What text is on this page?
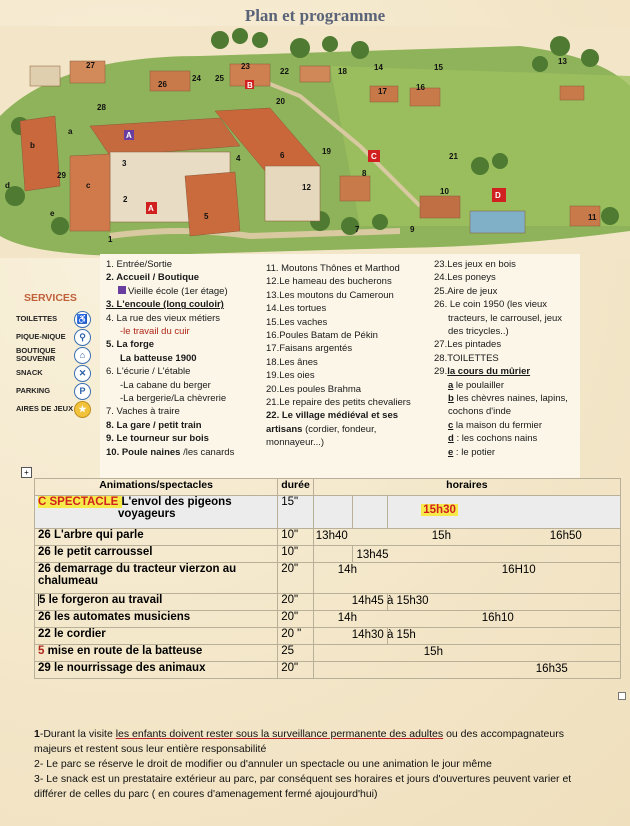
Plan et programme
1
2
3
4
5
6
7
8
9
10
11
12
13
14	15
16
17
18
19
20
21
22
23
24 25
26
27
28
29
a
b
c
d
e
A
B
C
D
A
SERVICES
TOILETTES	♿
PIQUE-NIQUE	⚲
BOUTIQUE SOUVENIR	⌂
SNACK	✕
PARKING	P
AIRES DE JEUX ★
1. Entrée/Sortie
2. Accueil / Boutique
Vieille école (1er étage)
3. L'encoule (long couloir)
4. La rue des vieux métiers
-le travail du cuir
5. La forge
La batteuse 1900
6. L'écurie / L'étable
-La cabane du berger
-La bergerie/La chèvrerie
7. Vaches à traire
8. La gare / petit train
9. Le tourneur sur bois
10. Poule naines /les canards
11. Moutons Thônes et Marthod
12.Le hameau des bucherons
13.Les moutons du Cameroun
14.Les tortues
15.Les vaches
16.Poules Batam de Pékin
17.Faisans argentés
18.Les ânes
19.Les oies
20.Les poules Brahma
21.Le repaire des petits chevaliers
22. Le village médiéval et ses
artisans (cordier, fondeur,
monnayeur...)
23.Les jeux en bois
24.Les poneys
25.Aire de jeux
26. Le coin 1950 (les vieux
tracteurs, le carrousel, jeux
des tricycles..)
27.Les pintades
28.TOILETTES
29.la cours du mûrier
a le poulailler
b les chèvres naines, lapins,
cochons d'inde
c la maison du fermier
d : les cochons nains
e : le potier
+
Animations/spectacles	durée	horaires		
C SPECTACLE L'envol des pigeons
voyageurs	15"			15h30
26 L'arbre qui parle	10"	13h40 15h 16h50		

26 le petit carroussel	10"		13h45	

26 demarrage du tracteur vierzon au
chalumeau	20"	14h 16H10		

5 le forgeron au travail	20"	14h45 à 15h30		

26 les automates musiciens	20"	14h 16h10		

22 le cordier	20 "	14h30 à 15h		

5 mise en route de la batteuse	25	15h		

29 le nourrissage des animaux	20"	16h35		
1-Durant la visite les enfants doivent rester sous la surveillance permanente des adultes ou des accompagnateurs majeurs et restent sous leur entière responsabilité
2- Le parc se réserve le droit de modifier ou d'annuler un spectacle ou une animation le jour même
3- Le snack est un prestataire extérieur au parc, par conséquent ses horaires et jours d'ouvertures peuvent varier et différer de celles du parc ( en coures d'amenagement fermé ajoujourd'hui)
